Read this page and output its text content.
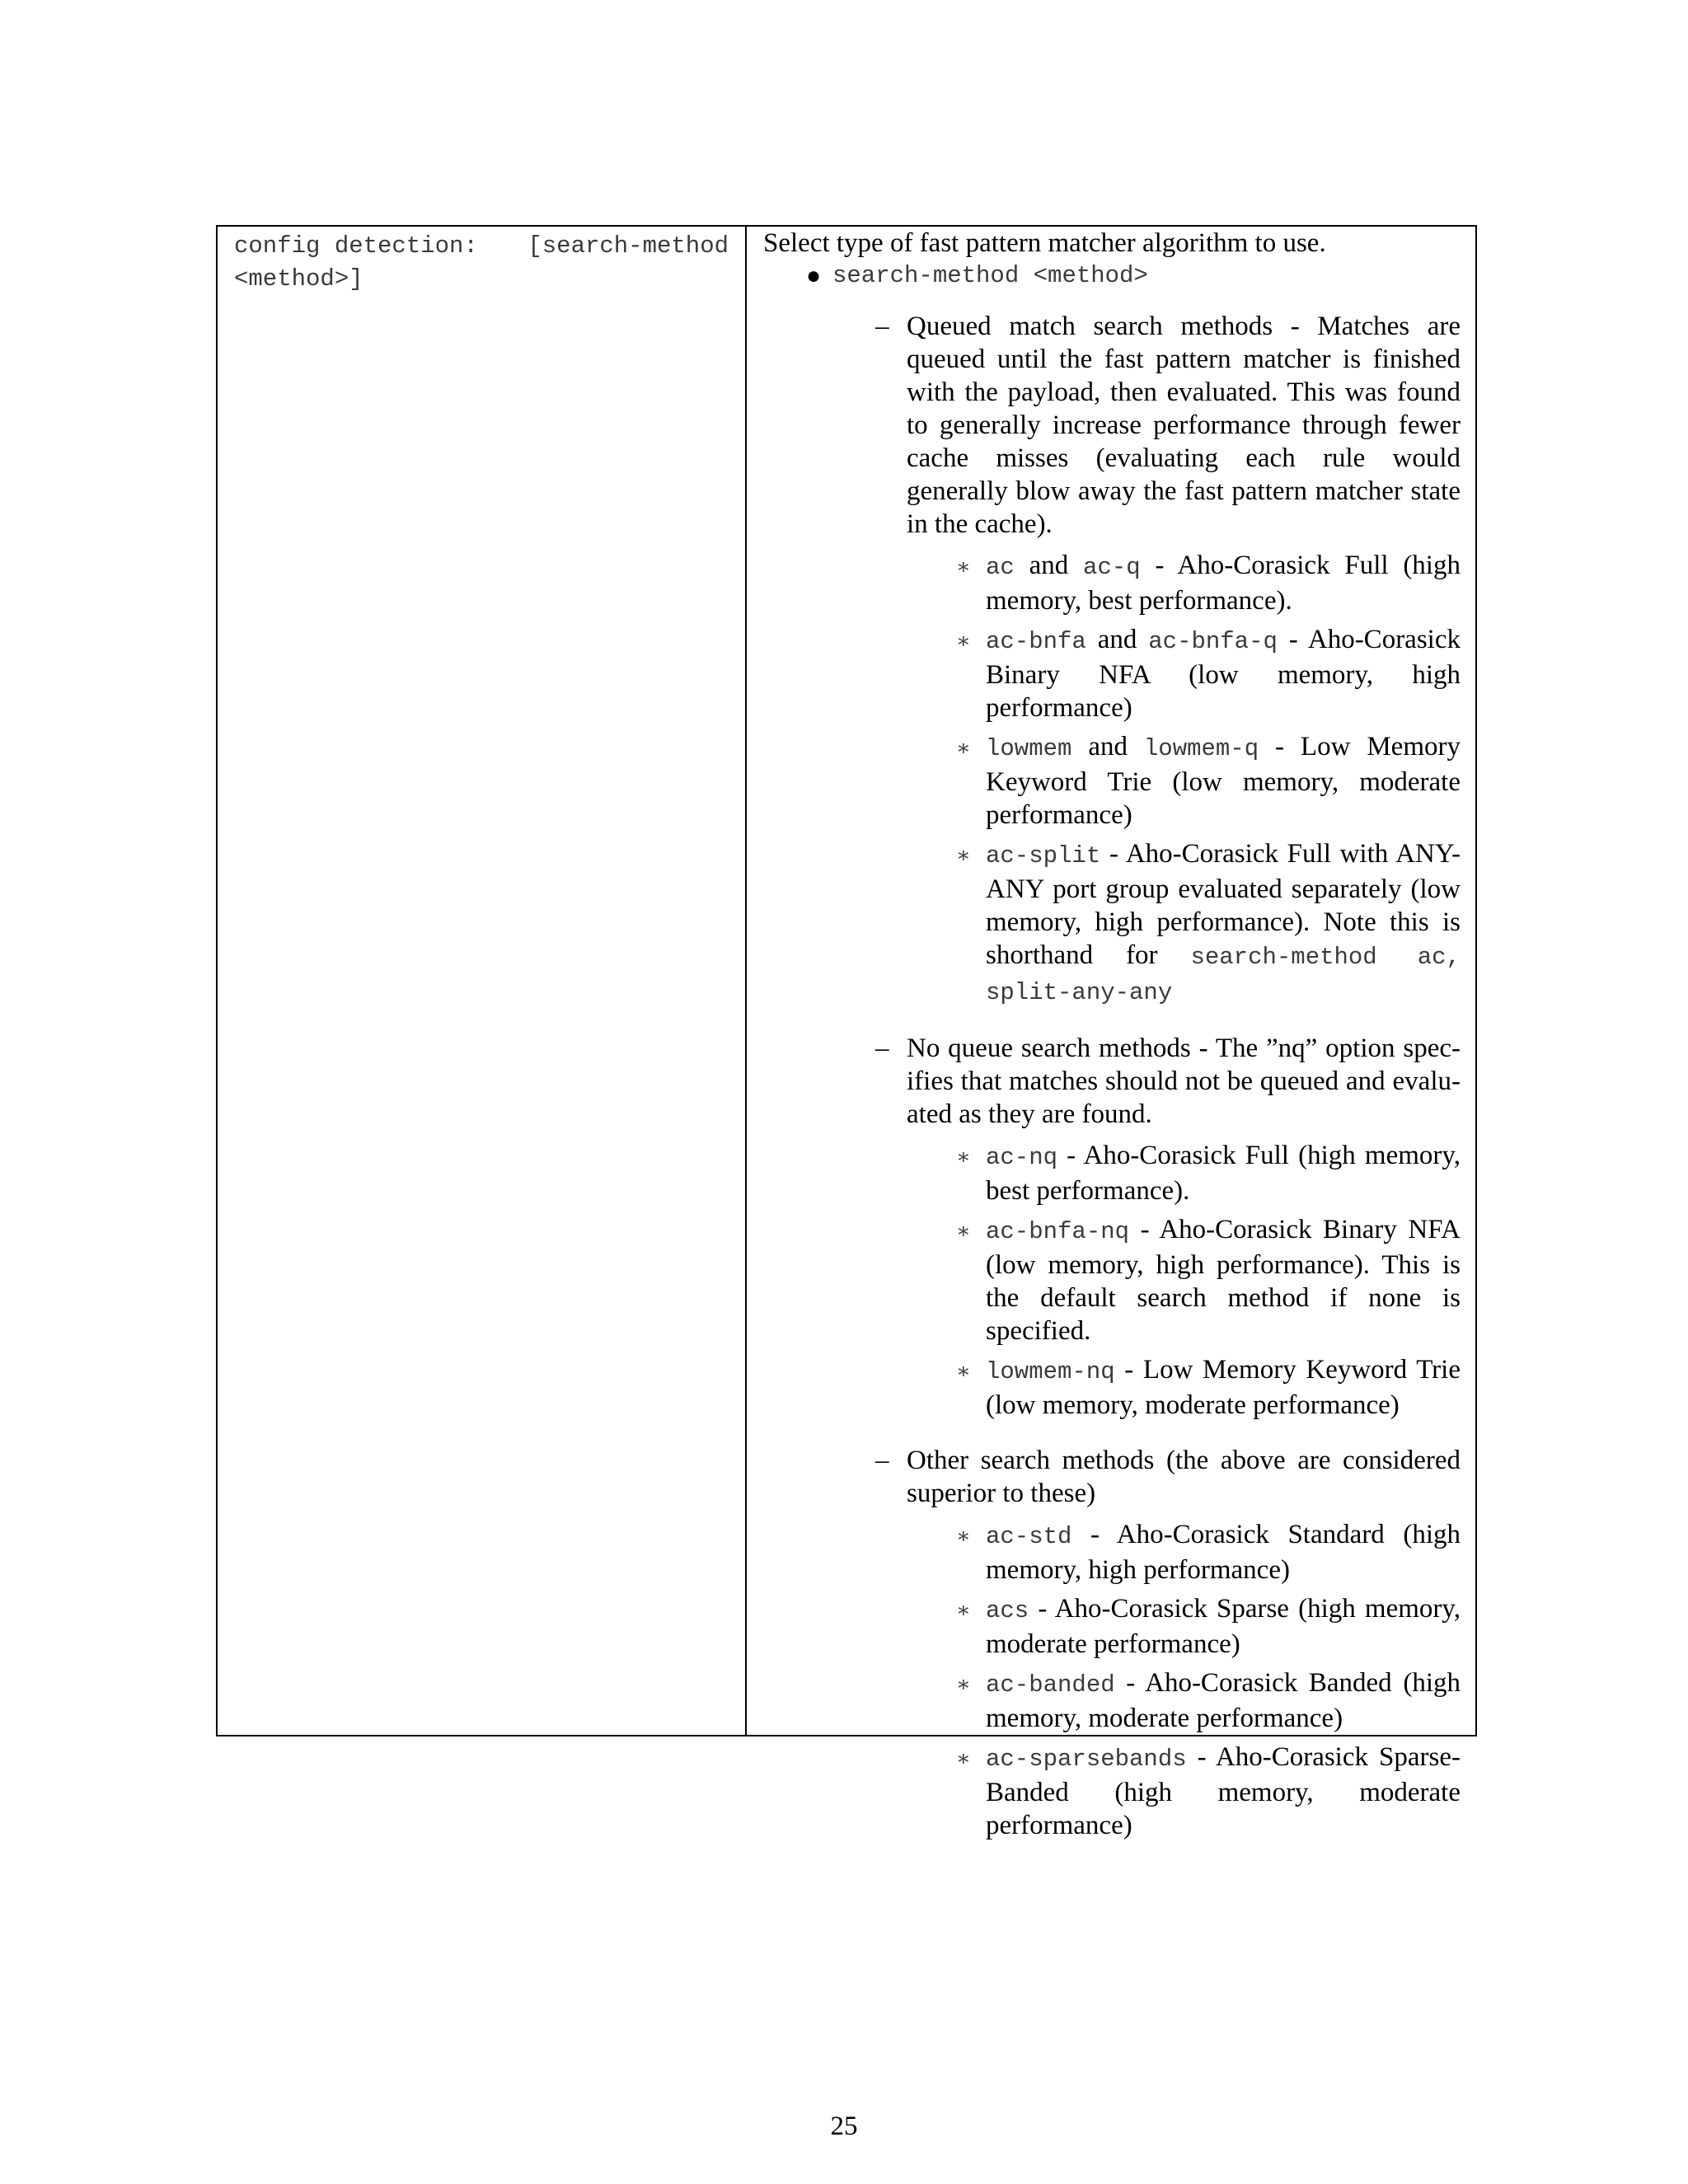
config detection: [search-method
<method>]

Select type of fast pattern matcher algorithm to use.

● search-method <method>
– Queued match search methods - Matches are queued until the fast pattern matcher is finished with the payload, then evaluated. This was found to generally increase performance through fewer cache misses (evaluating each rule would generally blow away the fast pattern matcher state in the cache).

∗ ac and ac-q - Aho-Corasick Full (high memory, best performance).
∗ ac-bnfa and ac-bnfa-q - Aho-Corasick Binary NFA (low memory, high performance)
∗ lowmem and lowmem-q - Low Memory Keyword Trie (low memory, moderate performance)
∗ ac-split - Aho-Corasick Full with ANY-ANY port group evaluated separately (low memory, high performance). Note this is shorthand for search-method ac, split-any-any
– No queue search methods - The ”nq” option specifies that matches should not be queued and evaluated as they are found.

∗ ac-nq - Aho-Corasick Full (high memory, best performance).
∗ ac-bnfa-nq - Aho-Corasick Binary NFA (low memory, high performance). This is the default search method if none is specified.
∗ lowmem-nq - Low Memory Keyword Trie (low memory, moderate performance)
– Other search methods (the above are considered superior to these)

∗ ac-std - Aho-Corasick Standard (high memory, high performance)
∗ acs - Aho-Corasick Sparse (high memory, moderate performance)
∗ ac-banded - Aho-Corasick Banded (high memory, moderate performance)
∗ ac-sparsebands - Aho-Corasick Sparse-Banded (high memory, moderate performance)
25
